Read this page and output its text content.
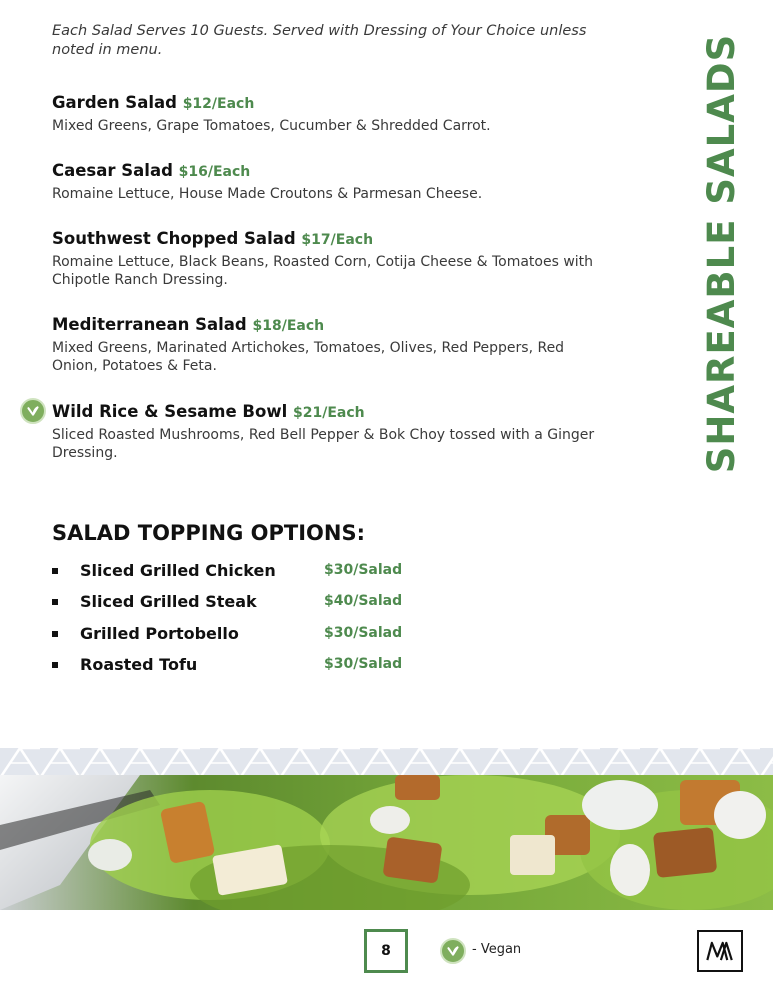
Each Salad Serves 10 Guests. Served with Dressing of Your Choice unless noted in menu.

Garden Salad $12/Each
Mixed Greens, Grape Tomatoes, Cucumber & Shredded Carrot.
Caesar Salad $16/Each
Romaine Lettuce, House Made Croutons & Parmesan Cheese.
Southwest Chopped Salad $17/Each
Romaine Lettuce, Black Beans, Roasted Corn, Cotija Cheese & Tomatoes with Chipotle Ranch Dressing.
Mediterranean Salad $18/Each
Mixed Greens, Marinated Artichokes, Tomatoes, Olives, Red Peppers, Red Onion, Potatoes & Feta.
Wild Rice & Sesame Bowl $21/Each
Sliced Roasted Mushrooms, Red Bell Pepper & Bok Choy tossed with a Ginger Dressing.	SHAREABLE SALADS
SALAD TOPPING OPTIONS:
Sliced Grilled Chicken	$30/Salad
Sliced Grilled Steak	$40/Salad
Grilled Portobello	$30/Salad
Roasted Tofu	$30/Salad
8	- Vegan
